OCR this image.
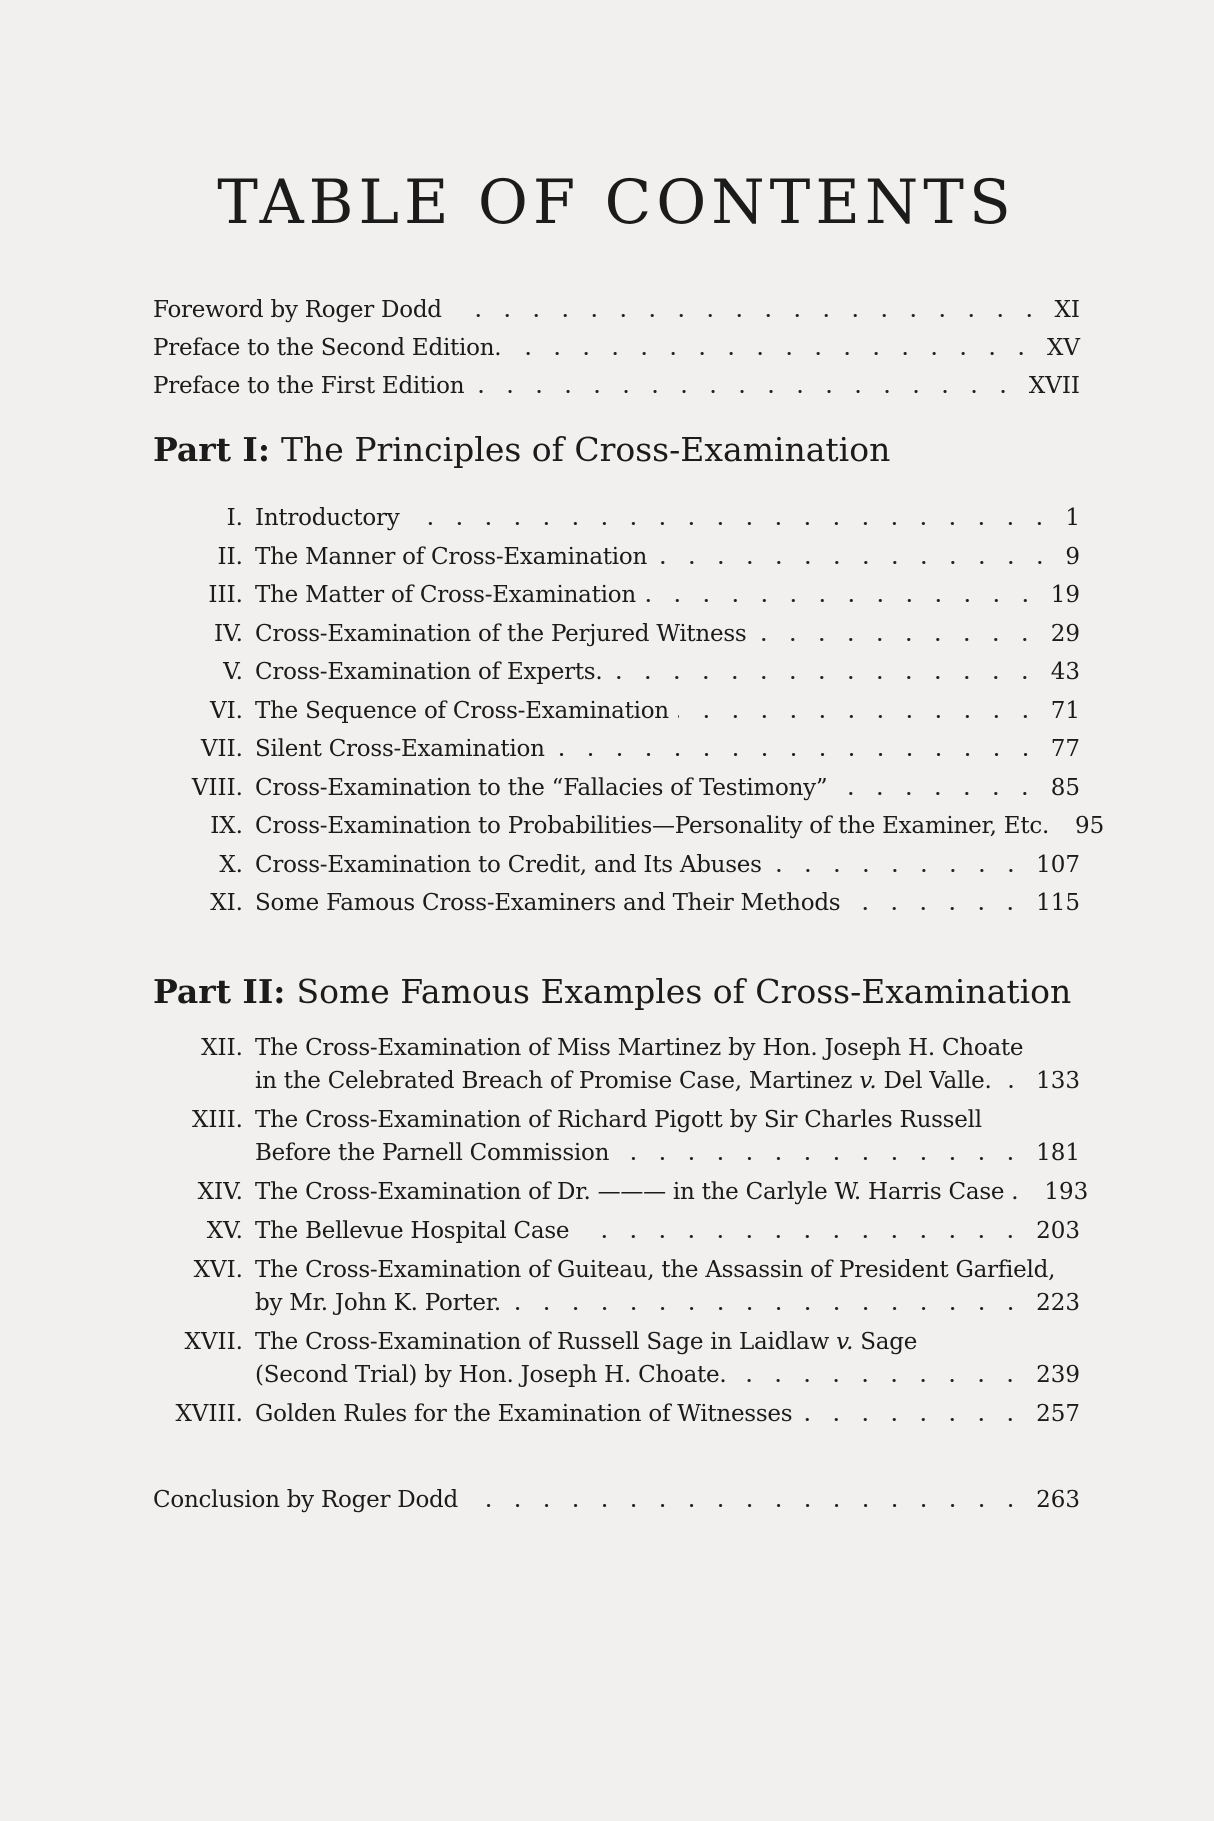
TABLE OF CONTENTS
Foreword by Roger Dodd	XI
Preface to the Second Edition.	XV
Preface to the First Edition	XVII
Part I: The Principles of Cross-Examination
I. Introductory	1
II. The Manner of Cross-Examination	9
III. The Matter of Cross-Examination	19
IV. Cross-Examination of the Perjured Witness	29
V. Cross-Examination of Experts.	43
VI. The Sequence of Cross-Examination	71
VII. Silent Cross-Examination	77
VIII. Cross-Examination to the “Fallacies of Testimony”	85
IX. Cross-Examination to Probabilities—Personality of the Examiner, Etc. 95
X. Cross-Examination to Credit, and Its Abuses	107
XI. Some Famous Cross-Examiners and Their Methods	115
Part II: Some Famous Examples of Cross-Examination
XII. The Cross-Examination of Miss Martinez by Hon. Joseph H. Choate
in the Celebrated Breach of Promise Case, Martinez v. Del Valle. 133
XIII. The Cross-Examination of Richard Pigott by Sir Charles Russell
Before the Parnell Commission	181
XIV. The Cross-Examination of Dr. ——— in the Carlyle W. Harris Case . 193
XV. The Bellevue Hospital Case	203
XVI. The Cross-Examination of Guiteau, the Assassin of President Garfield,
by Mr. John K. Porter.	223
XVII. The Cross-Examination of Russell Sage in Laidlaw v. Sage
(Second Trial) by Hon. Joseph H. Choate.	239
XVIII. Golden Rules for the Examination of Witnesses	257
Conclusion by Roger Dodd	263
